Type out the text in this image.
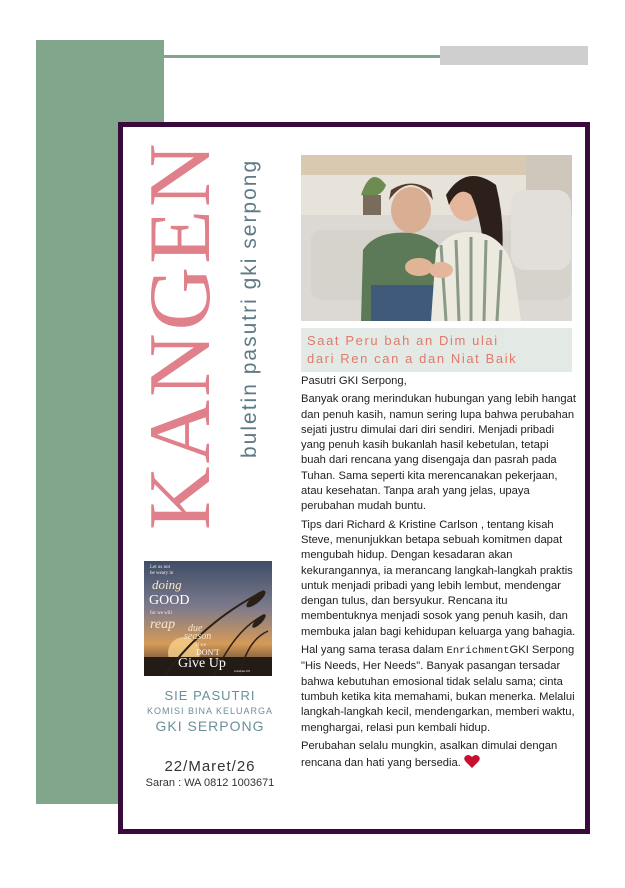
KANGEN buletin pasutri gki serpong
Let us not
be weary in
doing
GOOD
for we will
reap due
season
if we
DON'T
Give Up	Galatians 6:9
SIE PASUTRI
KOMISI BINA KELUARGA
GKI SERPONG
22/Maret/26
Saran : WA 0812 1003671
Saat Peru bah an Dim ulai
dari Ren can a dan Niat Baik

Pasutri GKI Serpong,

Banyak orang merindukan hubungan yang lebih hangat dan penuh kasih, namun sering lupa bahwa perubahan sejati justru dimulai dari diri sendiri. Menjadi pribadi yang penuh kasih bukanlah hasil kebetulan, tetapi buah dari rencana yang disengaja dan pasrah pada Tuhan. Sama seperti kita merencanakan pekerjaan, atau kesehatan. Tanpa arah yang jelas, upaya perubahan mudah buntu.

Tips dari Richard & Kristine Carlson , tentang kisah Steve, menunjukkan betapa sebuah komitmen dapat mengubah hidup. Dengan kesadaran akan kekurangannya, ia merancang langkah-langkah praktis untuk menjadi pribadi yang lebih lembut, mendengar dengan tulus, dan bersyukur. Rencana itu membentuknya menjadi sosok yang penuh kasih, dan membuka jalan bagi kehidupan keluarga yang bahagia.

Hal yang sama terasa dalam EnrichmentGKI Serpong "His Needs, Her Needs". Banyak pasangan tersadar bahwa kebutuhan emosional tidak selalu sama; cinta tumbuh ketika kita memahami, bukan menerka. Melalui langkah-langkah kecil, mendengarkan, memberi waktu, menghargai, relasi pun kembali hidup.

Perubahan selalu mungkin, asalkan dimulai dengan rencana dan hati yang bersedia.
